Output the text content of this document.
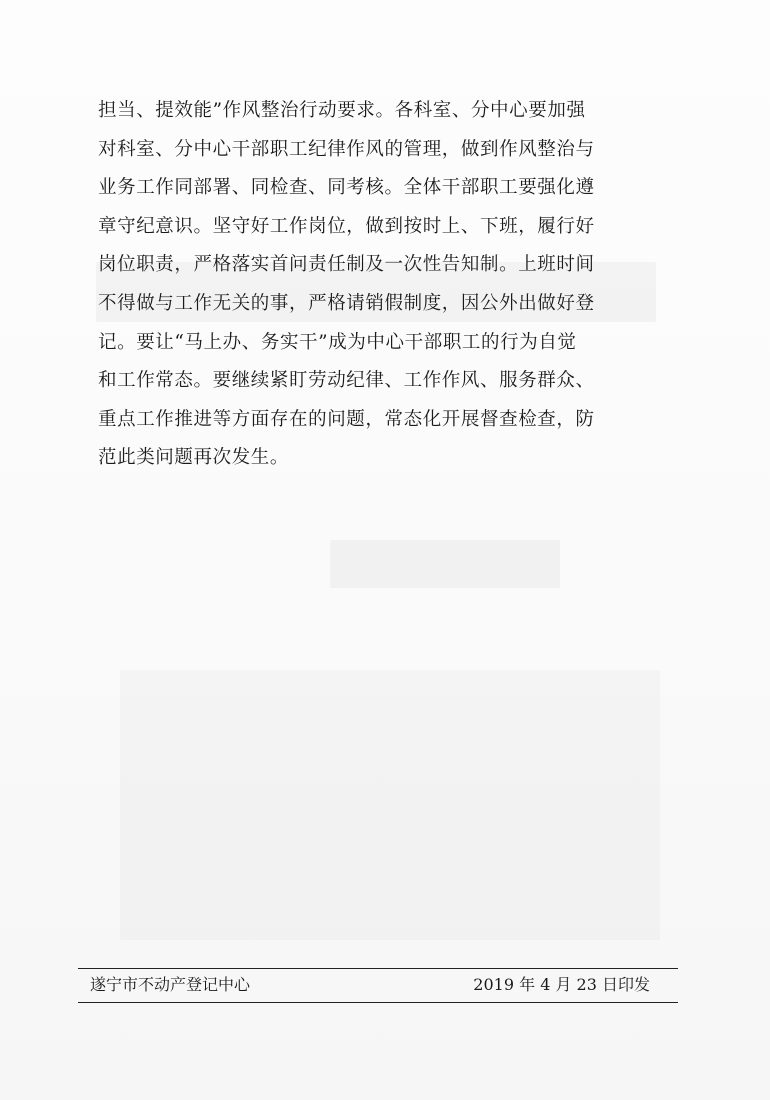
担当、提效能”作风整治行动要求。各科室、分中心要加强
对科室、分中心干部职工纪律作风的管理，做到作风整治与
业务工作同部署、同检查、同考核。全体干部职工要强化遵
章守纪意识。坚守好工作岗位，做到按时上、下班，履行好
岗位职责，严格落实首问责任制及一次性告知制。上班时间
不得做与工作无关的事，严格请销假制度，因公外出做好登
记。要让“马上办、务实干”成为中心干部职工的行为自觉
和工作常态。要继续紧盯劳动纪律、工作作风、服务群众、
重点工作推进等方面存在的问题，常态化开展督查检查，防
范此类问题再次发生。
遂宁市不动产登记中心	2019 年 4 月 23 日印发
